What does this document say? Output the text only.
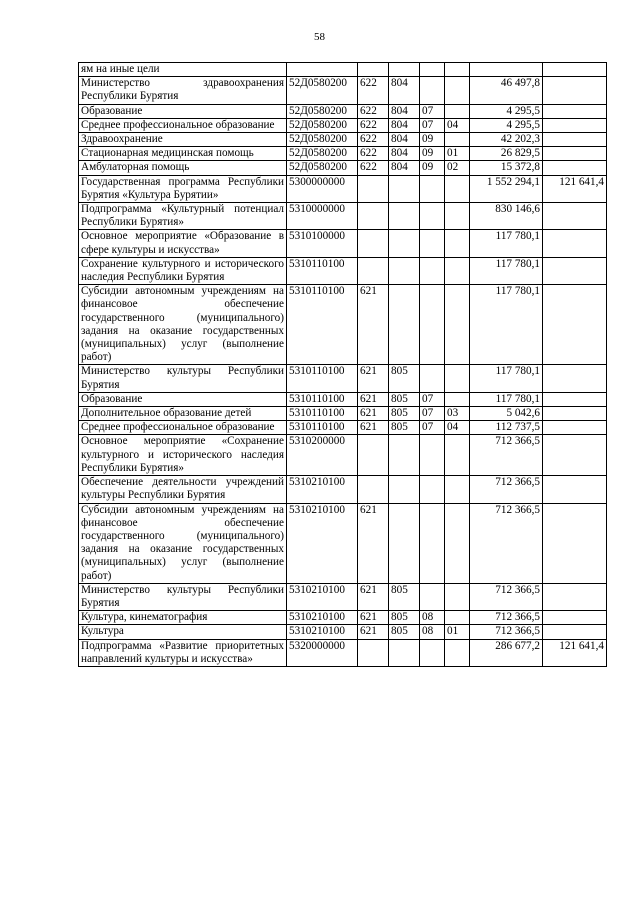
58
ям на иные цели							
Министерство здравоохранения Республики Бурятия	52Д0580200	622	804			46 497,8	
Образование	52Д0580200	622	804	07		4 295,5	
Среднее профессиональное образование	52Д0580200	622	804	07	04	4 295,5	
Здравоохранение	52Д0580200	622	804	09		42 202,3	
Стационарная медицинская помощь	52Д0580200	622	804	09	01	26 829,5	
Амбулаторная помощь	52Д0580200	622	804	09	02	15 372,8	
Государственная программа Республики Бурятия «Культура Бурятии»	5300000000					1 552 294,1	121 641,4
Подпрограмма «Культурный потенциал Республики Бурятия»	5310000000					830 146,6	
Основное мероприятие «Образование в сфере культуры и искусства»	5310100000					117 780,1	
Сохранение культурного и исторического наследия Республики Бурятия	5310110100					117 780,1	
Субсидии автономным учреждениям на финансовое обеспечение государственного (муниципального) задания на оказание государственных (муниципальных) услуг (выполнение работ)	5310110100	621				117 780,1	
Министерство культуры Республики Бурятия	5310110100	621	805			117 780,1	
Образование	5310110100	621	805	07		117 780,1	
Дополнительное образование детей	5310110100	621	805	07	03	5 042,6	
Среднее профессиональное образование	5310110100	621	805	07	04	112 737,5	
Основное мероприятие «Сохранение культурного и исторического наследия Республики Бурятия»	5310200000					712 366,5	
Обеспечение деятельности учреждений культуры Республики Бурятия	5310210100					712 366,5	
Субсидии автономным учреждениям на финансовое обеспечение государственного (муниципального) задания на оказание государственных (муниципальных) услуг (выполнение работ)	5310210100	621				712 366,5	
Министерство культуры Республики Бурятия	5310210100	621	805			712 366,5	
Культура, кинематография	5310210100	621	805	08		712 366,5	
Культура	5310210100	621	805	08	01	712 366,5	
Подпрограмма «Развитие приоритетных направлений культуры и искусства»	5320000000					286 677,2	121 641,4
